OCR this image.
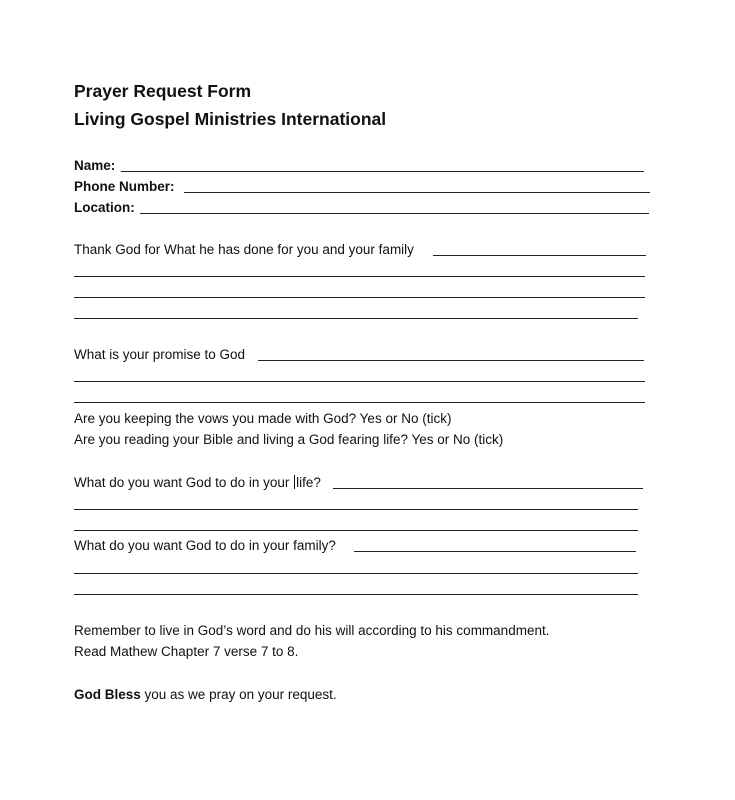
Prayer Request Form
Living Gospel Ministries International
Name:
Phone Number:
Location:
Thank God for What he has done for you and your family
What is your promise to God
Are you keeping the vows you made with God? Yes or No (tick)
Are you reading your Bible and living a God fearing life? Yes or No (tick)
What do you want God to do in your life?
What do you want God to do in your family?
Remember to live in God’s word and do his will according to his commandment.
Read Mathew Chapter 7 verse 7 to 8.
God Bless you as we pray on your request.
